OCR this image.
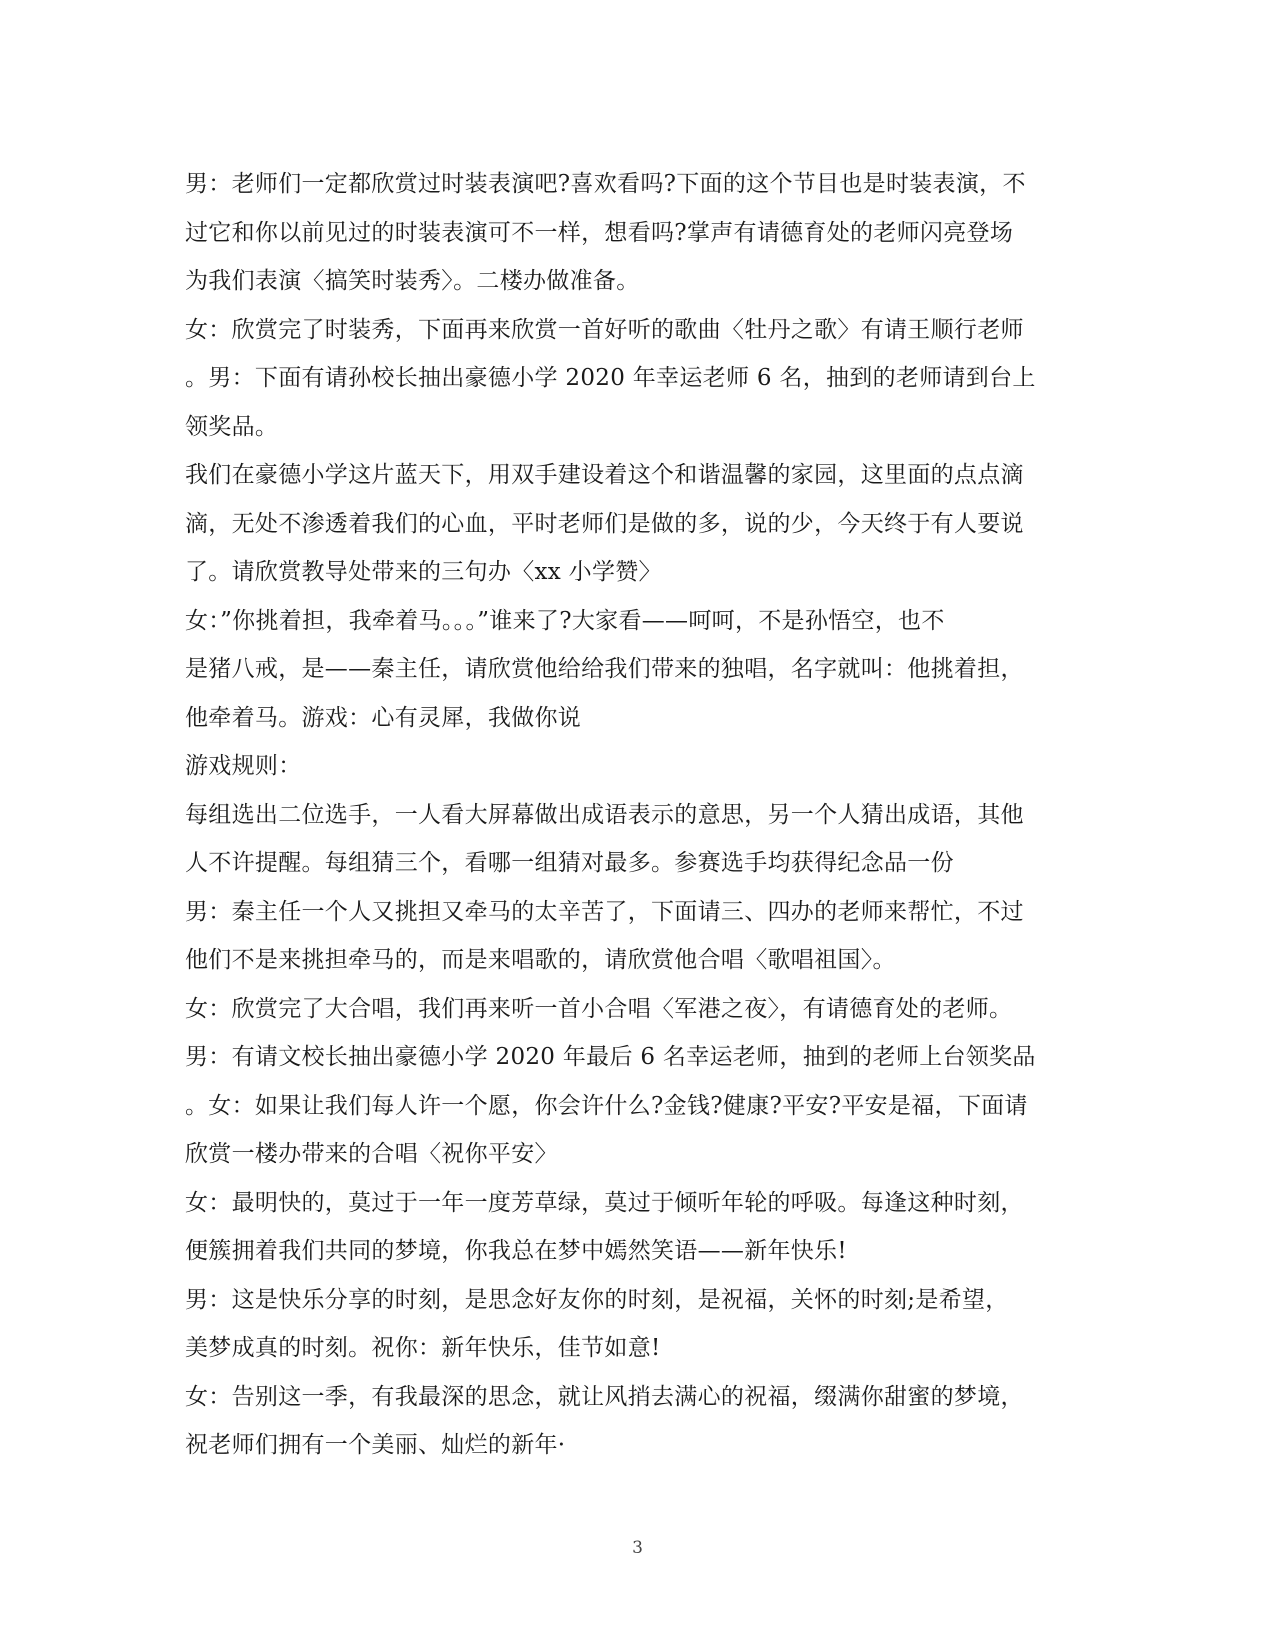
男：老师们一定都欣赏过时装表演吧?喜欢看吗?下面的这个节目也是时装表演，不
过它和你以前见过的时装表演可不一样，想看吗?掌声有请德育处的老师闪亮登场
为我们表演〈搞笑时装秀〉。二楼办做准备。
女：欣赏完了时装秀，下面再来欣赏一首好听的歌曲〈牡丹之歌〉有请王顺行老师
。男：下面有请孙校长抽出豪德小学 2020 年幸运老师 6 名，抽到的老师请到台上
领奖品。
我们在豪德小学这片蓝天下，用双手建设着这个和谐温馨的家园，这里面的点点滴
滴，无处不渗透着我们的心血，平时老师们是做的多，说的少，今天终于有人要说
了。请欣赏教导处带来的三句办〈xx 小学赞〉
女：”你挑着担，我牵着马。。。”谁来了?大家看——呵呵，不是孙悟空，也不
是猪八戒，是——秦主任，请欣赏他给给我们带来的独唱，名字就叫：他挑着担，
他牵着马。游戏：心有灵犀，我做你说
游戏规则：
每组选出二位选手，一人看大屏幕做出成语表示的意思，另一个人猜出成语，其他
人不许提醒。每组猜三个，看哪一组猜对最多。参赛选手均获得纪念品一份
男：秦主任一个人又挑担又牵马的太辛苦了，下面请三、四办的老师来帮忙，不过
他们不是来挑担牵马的，而是来唱歌的，请欣赏他合唱〈歌唱祖国〉。
女：欣赏完了大合唱，我们再来听一首小合唱〈军港之夜〉，有请德育处的老师。
男：有请文校长抽出豪德小学 2020 年最后 6 名幸运老师，抽到的老师上台领奖品
。女：如果让我们每人许一个愿，你会许什么?金钱?健康?平安?平安是福，下面请
欣赏一楼办带来的合唱〈祝你平安〉
女：最明快的，莫过于一年一度芳草绿，莫过于倾听年轮的呼吸。每逢这种时刻，
便簇拥着我们共同的梦境，你我总在梦中嫣然笑语——新年快乐!
男：这是快乐分享的时刻，是思念好友你的时刻，是祝福，关怀的时刻;是希望，
美梦成真的时刻。祝你：新年快乐，佳节如意!
女：告别这一季，有我最深的思念，就让风捎去满心的祝福，缀满你甜蜜的梦境，
祝老师们拥有一个美丽、灿烂的新年·
3
